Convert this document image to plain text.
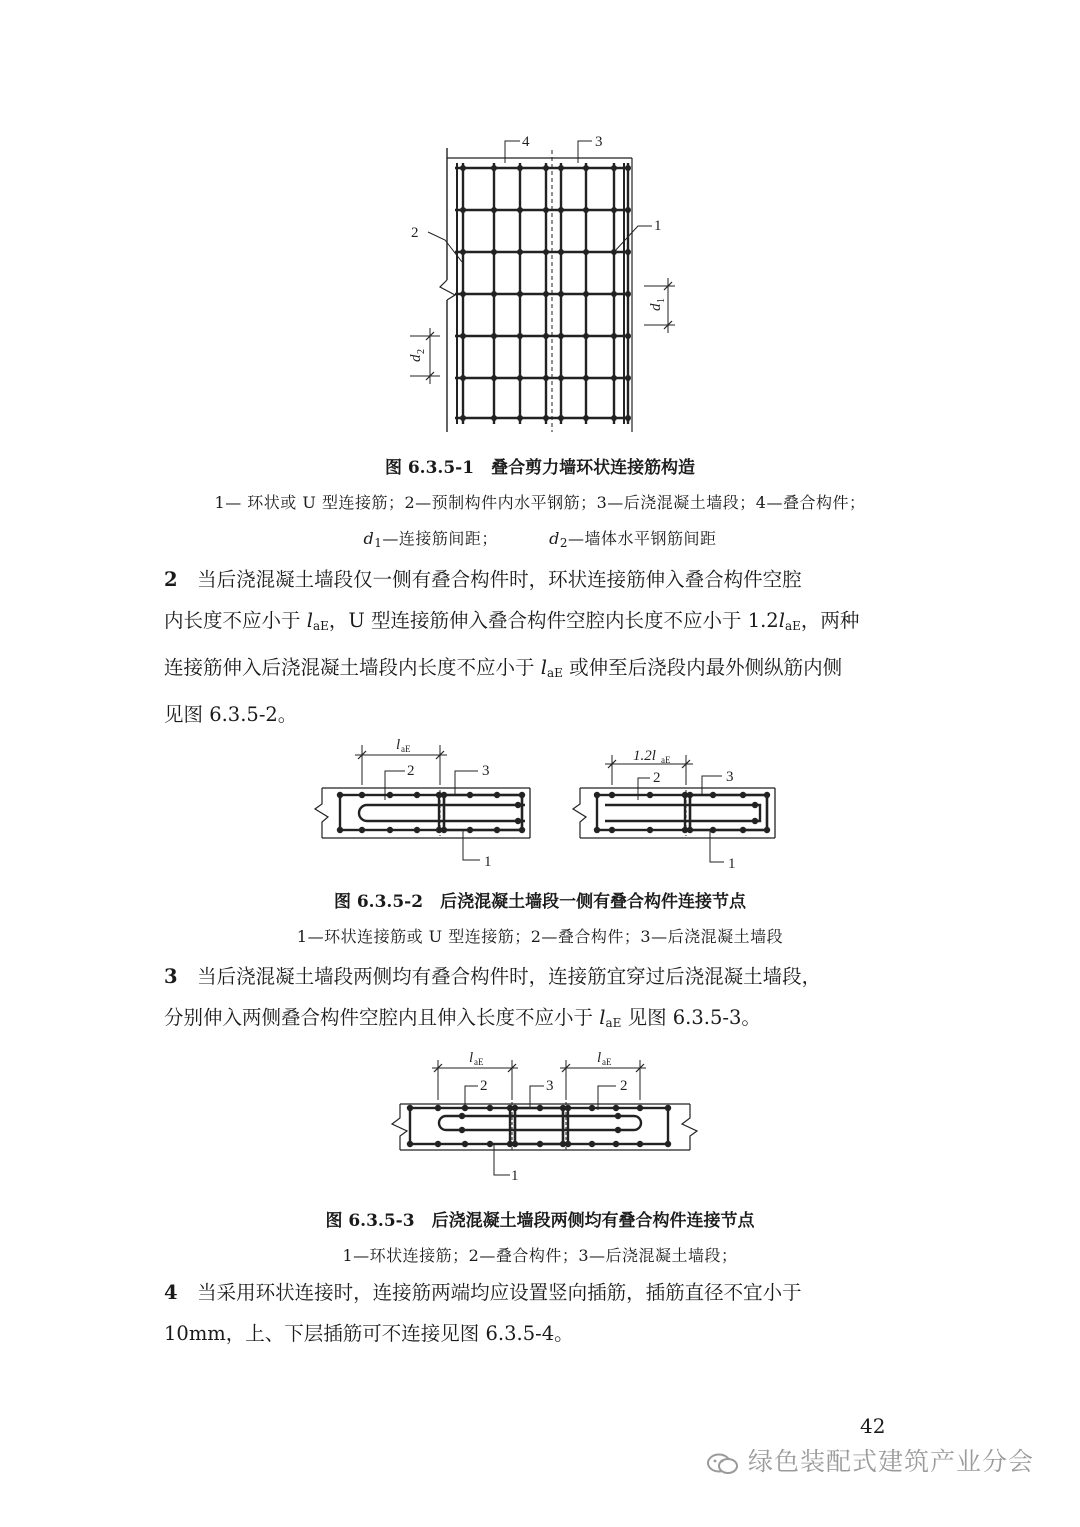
4	3
2	1
d
1
d
2
图 6.3.5-1　叠合剪力墙环状连接筋构造
1— 环状或 U 型连接筋；2—预制构件内水平钢筋；3—后浇混凝土墙段；4—叠合构件；
$d_1—$连接筋间距；	$d_2—$墙体水平钢筋间距
2　当后浇混凝土墙段仅一侧有叠合构件时，环状连接筋伸入叠合构件空腔
内长度不应小于 $l_{aE}$，U 型连接筋伸入叠合构件空腔内长度不应小于 $1.2l_{aE}$，两种
连接筋伸入后浇混凝土墙段内长度不应小于 $l_{aE}$ 或伸至后浇段内最外侧纵筋内侧
见图 6.3.5-2。
l aE	1.2l aE
2	3
1
2	3
1
图 6.3.5-2　后浇混凝土墙段一侧有叠合构件连接节点
1—环状连接筋或 U 型连接筋；2—叠合构件；3—后浇混凝土墙段
3　当后浇混凝土墙段两侧均有叠合构件时，连接筋宜穿过后浇混凝土墙段，
分别伸入两侧叠合构件空腔内且伸入长度不应小于 $l_{aE}$ 见图 6.3.5-3。
l aE	l aE
2	3	2
1
图 6.3.5-3　后浇混凝土墙段两侧均有叠合构件连接节点
1—环状连接筋；2—叠合构件；3—后浇混凝土墙段；
4　当采用环状连接时，连接筋两端均应设置竖向插筋，插筋直径不宜小于
10mm，上、下层插筋可不连接见图 6.3.5-4。
42
绿色装配式建筑产业分会
